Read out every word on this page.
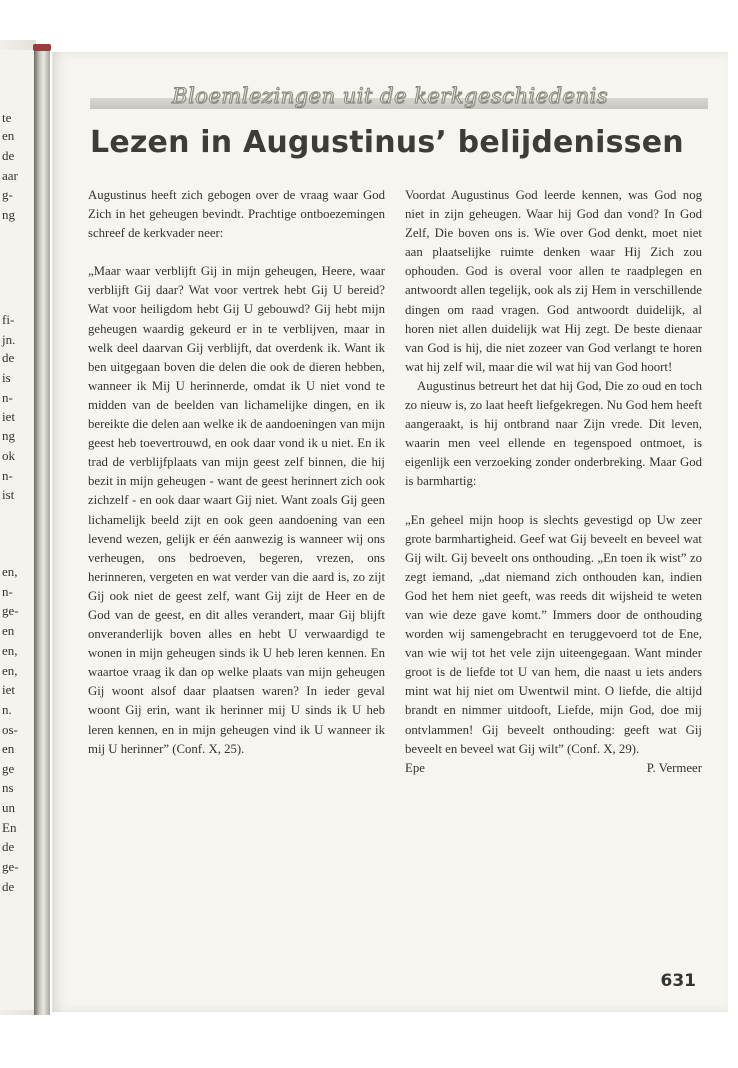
te
en
de
aar
g-
ng
fi-
jn.
de
is
n-
iet
ng
ok
n-
ist
en,
n-
ge-
en
en,
en,
iet
n.
os-
en
ge
ns
un
En
de
ge-
de
Bloemlezingen uit de kerkgeschiedenis
Lezen in Augustinus’ belijdenissen

Augustinus heeft zich gebogen over de vraag waar God Zich in het geheugen bevindt. Prachtige ontboezemingen schreef de kerkvader neer:

„Maar waar verblijft Gij in mijn geheugen, Heere, waar verblijft Gij daar? Wat voor vertrek hebt Gij U bereid? Wat voor heiligdom hebt Gij U gebouwd? Gij hebt mijn geheugen waardig gekeurd er in te verblijven, maar in welk deel daarvan Gij verblijft, dat overdenk ik. Want ik ben uitgegaan boven die delen die ook de dieren hebben, wanneer ik Mij U herinnerde, omdat ik U niet vond te midden van de beelden van lichamelijke dingen, en ik bereikte die delen aan welke ik de aandoeningen van mijn geest heb toevertrouwd, en ook daar vond ik u niet. En ik trad de verblijfplaats van mijn geest zelf binnen, die hij bezit in mijn geheugen - want de geest herinnert zich ook zichzelf - en ook daar waart Gij niet. Want zoals Gij geen lichamelijk beeld zijt en ook geen aandoening van een levend wezen, gelijk er één aanwezig is wanneer wij ons verheugen, ons bedroeven, begeren, vrezen, ons herinneren, vergeten en wat verder van die aard is, zo zijt Gij ook niet de geest zelf, want Gij zijt de Heer en de God van de geest, en dit alles verandert, maar Gij blijft onveranderlijk boven alles en hebt U verwaardigd te wonen in mijn geheugen sinds ik U heb leren kennen. En waartoe vraag ik dan op welke plaats van mijn geheugen Gij woont alsof daar plaatsen waren? In ieder geval woont Gij erin, want ik herinner mij U sinds ik U heb leren kennen, en in mijn geheugen vind ik U wanneer ik mij U herinner” (Conf. X, 25).

Voordat Augustinus God leerde kennen, was God nog niet in zijn geheugen. Waar hij God dan vond? In God Zelf, Die boven ons is. Wie over God denkt, moet niet aan plaatselijke ruimte denken waar Hij Zich zou ophouden. God is overal voor allen te raadplegen en antwoordt allen tegelijk, ook als zij Hem in verschillende dingen om raad vragen. God antwoordt duidelijk, al horen niet allen duidelijk wat Hij zegt. De beste dienaar van God is hij, die niet zozeer van God verlangt te horen wat hij zelf wil, maar die wil wat hij van God hoort!

Augustinus betreurt het dat hij God, Die zo oud en toch zo nieuw is, zo laat heeft liefgekregen. Nu God hem heeft aangeraakt, is hij ontbrand naar Zijn vrede. Dit leven, waarin men veel ellende en tegenspoed ontmoet, is eigenlijk een verzoeking zonder onderbreking. Maar God is barmhartig:

„En geheel mijn hoop is slechts gevestigd op Uw zeer grote barmhartigheid. Geef wat Gij beveelt en beveel wat Gij wilt. Gij beveelt ons onthouding. „En toen ik wist” zo zegt iemand, „dat niemand zich onthouden kan, indien God het hem niet geeft, was reeds dit wijsheid te weten van wie deze gave komt.” Immers door de onthouding worden wij samengebracht en teruggevoerd tot de Ene, van wie wij tot het vele zijn uiteengegaan. Want minder groot is de liefde tot U van hem, die naast u iets anders mint wat hij niet om Uwentwil mint. O liefde, die altijd brandt en nimmer uitdooft, Liefde, mijn God, doe mij ontvlammen! Gij beveelt onthouding: geeft wat Gij beveelt en beveel wat Gij wilt” (Conf. X, 29).

Epe	P. Vermeer
631
